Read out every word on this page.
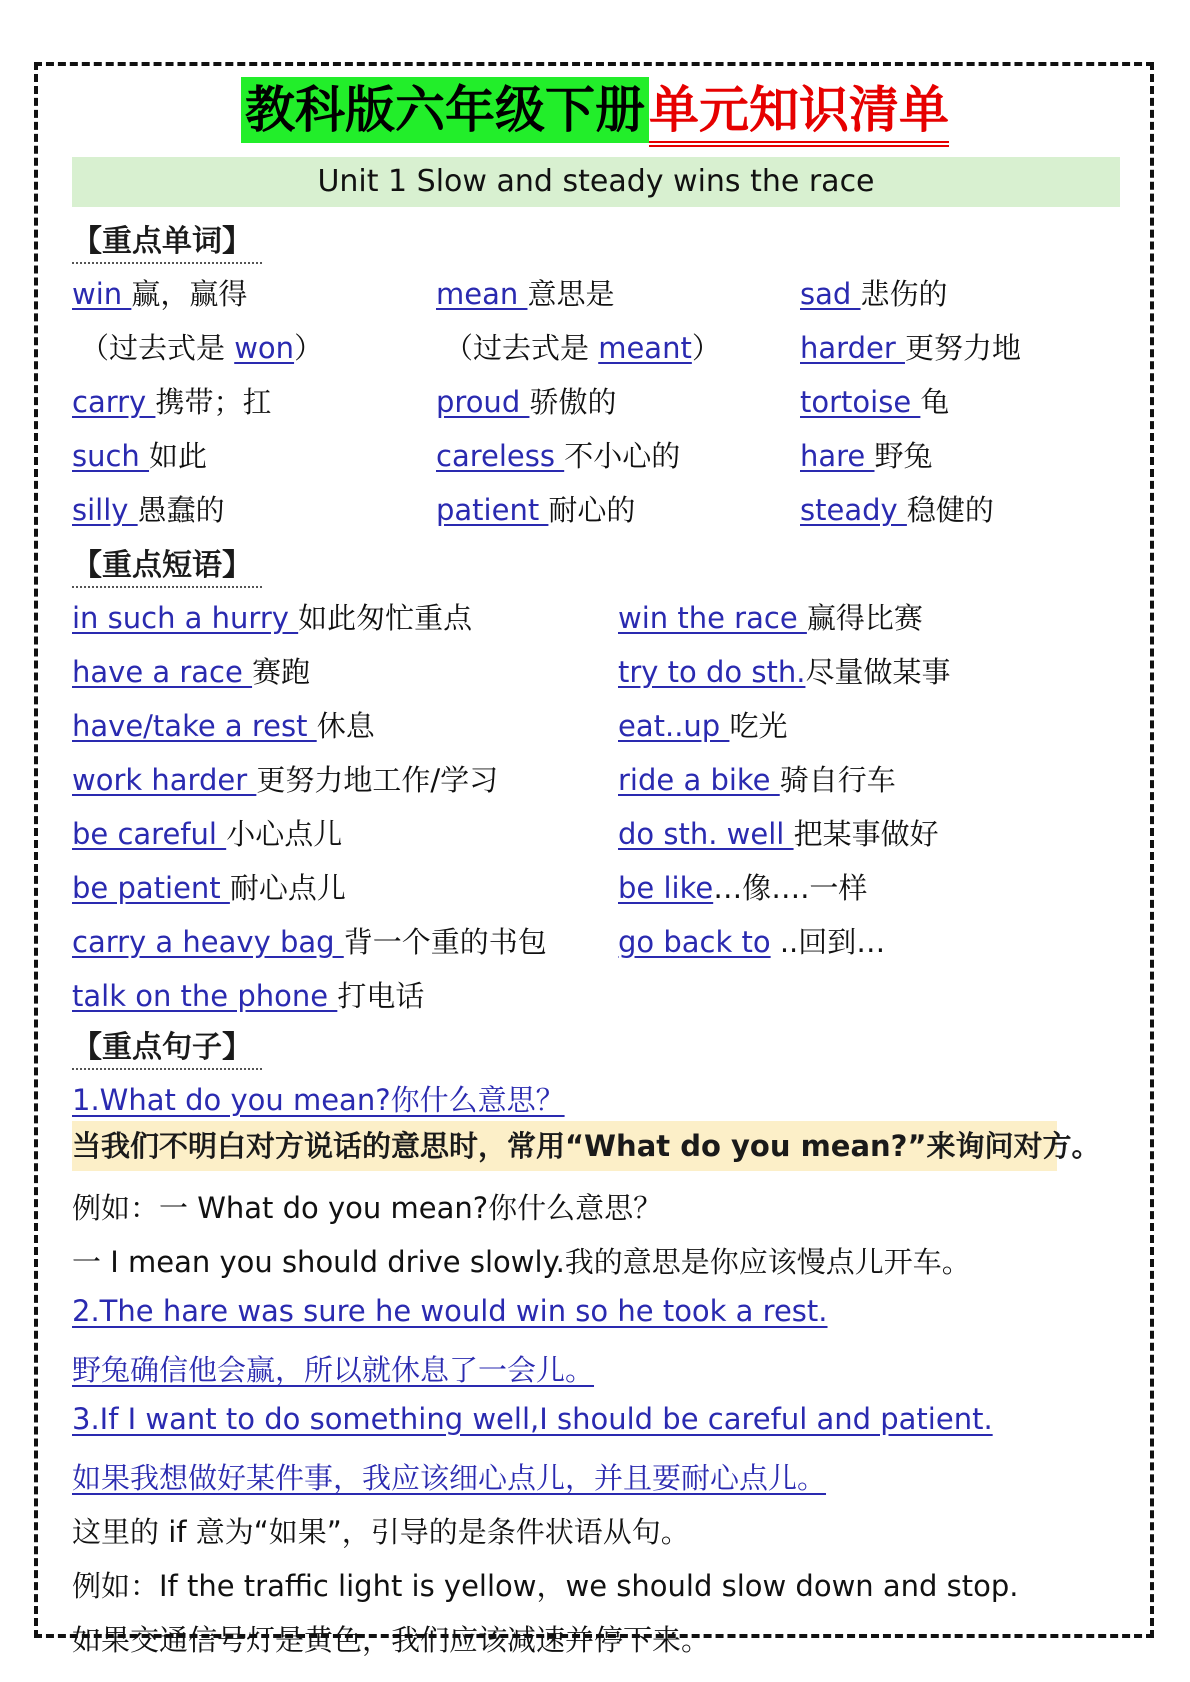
教科版六年级下册单元知识清单
Unit 1 Slow and steady wins the race
【重点单词】
win 赢，赢得
（过去式是 won）
carry 携带；扛
such 如此
silly 愚蠢的
mean 意思是
（过去式是 meant）
proud 骄傲的
careless 不小心的
patient 耐心的
sad 悲伤的
harder 更努力地
tortoise 龟
hare 野兔
steady 稳健的
【重点短语】
in such a hurry 如此匆忙重点
have a race 赛跑
have/take a rest 休息
work harder 更努力地工作/学习
be careful 小心点儿
be patient 耐心点儿
carry a heavy bag 背一个重的书包
talk on the phone 打电话
win the race 赢得比赛
try to do sth.尽量做某事
eat..up 吃光
ride a bike 骑自行车
do sth. well 把某事做好
be like…像….一样
go back to ..回到…
【重点句子】
1.What do you mean?你什么意思？
当我们不明白对方说话的意思时，常用“What do you mean?”来询问对方。
例如：一 What do you mean?你什么意思？
一 I mean you should drive slowly.我的意思是你应该慢点儿开车。
2.The hare was sure he would win so he took a rest.
野兔确信他会赢，所以就休息了一会儿。
3.If I want to do something well,I should be careful and patient.
如果我想做好某件事，我应该细心点儿，并且要耐心点儿。
这里的 if 意为“如果”，引导的是条件状语从句。
例如：If the traffic light is yellow，we should slow down and stop.
如果交通信号灯是黄色，我们应该减速并停下来。
